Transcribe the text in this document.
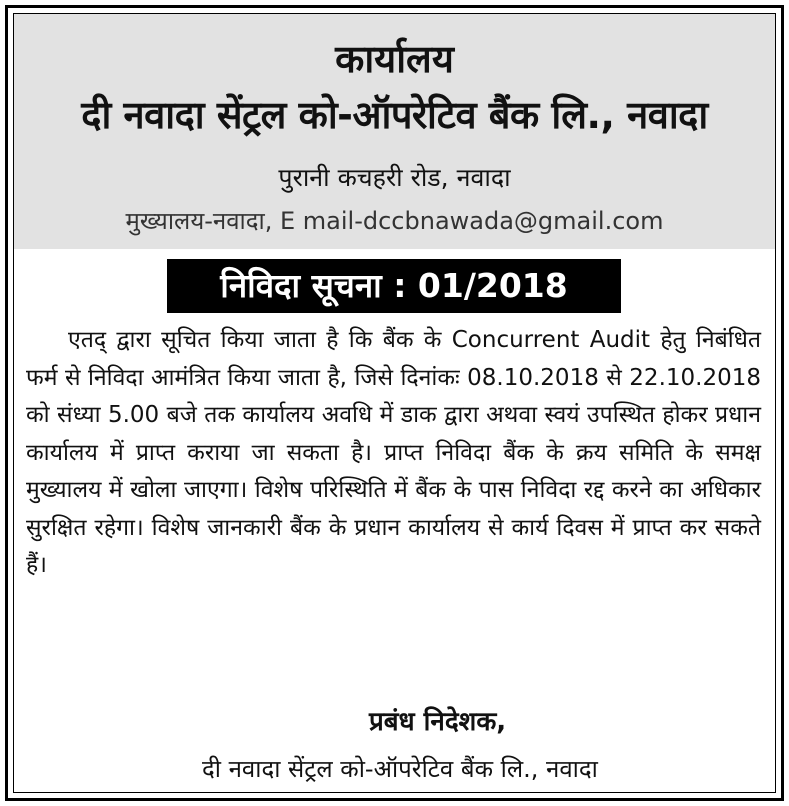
कार्यालय
दी नवादा सेंट्रल को-ऑपरेटिव बैंक लि., नवादा
पुरानी कचहरी रोड, नवादा
मुख्यालय-नवादा, E mail-dccbnawada@gmail.com
निविदा सूचना : 01/2018
एतद् द्वारा सूचित किया जाता है कि बैंक के Concurrent Audit हेतु निबंधित फर्म से निविदा आमंत्रित किया जाता है, जिसे दिनांकः 08.10.2018 से 22.10.2018 को संध्या 5.00 बजे तक कार्यालय अवधि में डाक द्वारा अथवा स्वयं उपस्थित होकर प्रधान कार्यालय में प्राप्त कराया जा सकता है। प्राप्त निविदा बैंक के क्रय समिति के समक्ष मुख्यालय में खोला जाएगा। विशेष परिस्थिति में बैंक के पास निविदा रद्द करने का अधिकार सुरक्षित रहेगा। विशेष जानकारी बैंक के प्रधान कार्यालय से कार्य दिवस में प्राप्त कर सकते हैं।
प्रबंध निदेशक,
दी नवादा सेंट्रल को-ऑपरेटिव बैंक लि., नवादा
